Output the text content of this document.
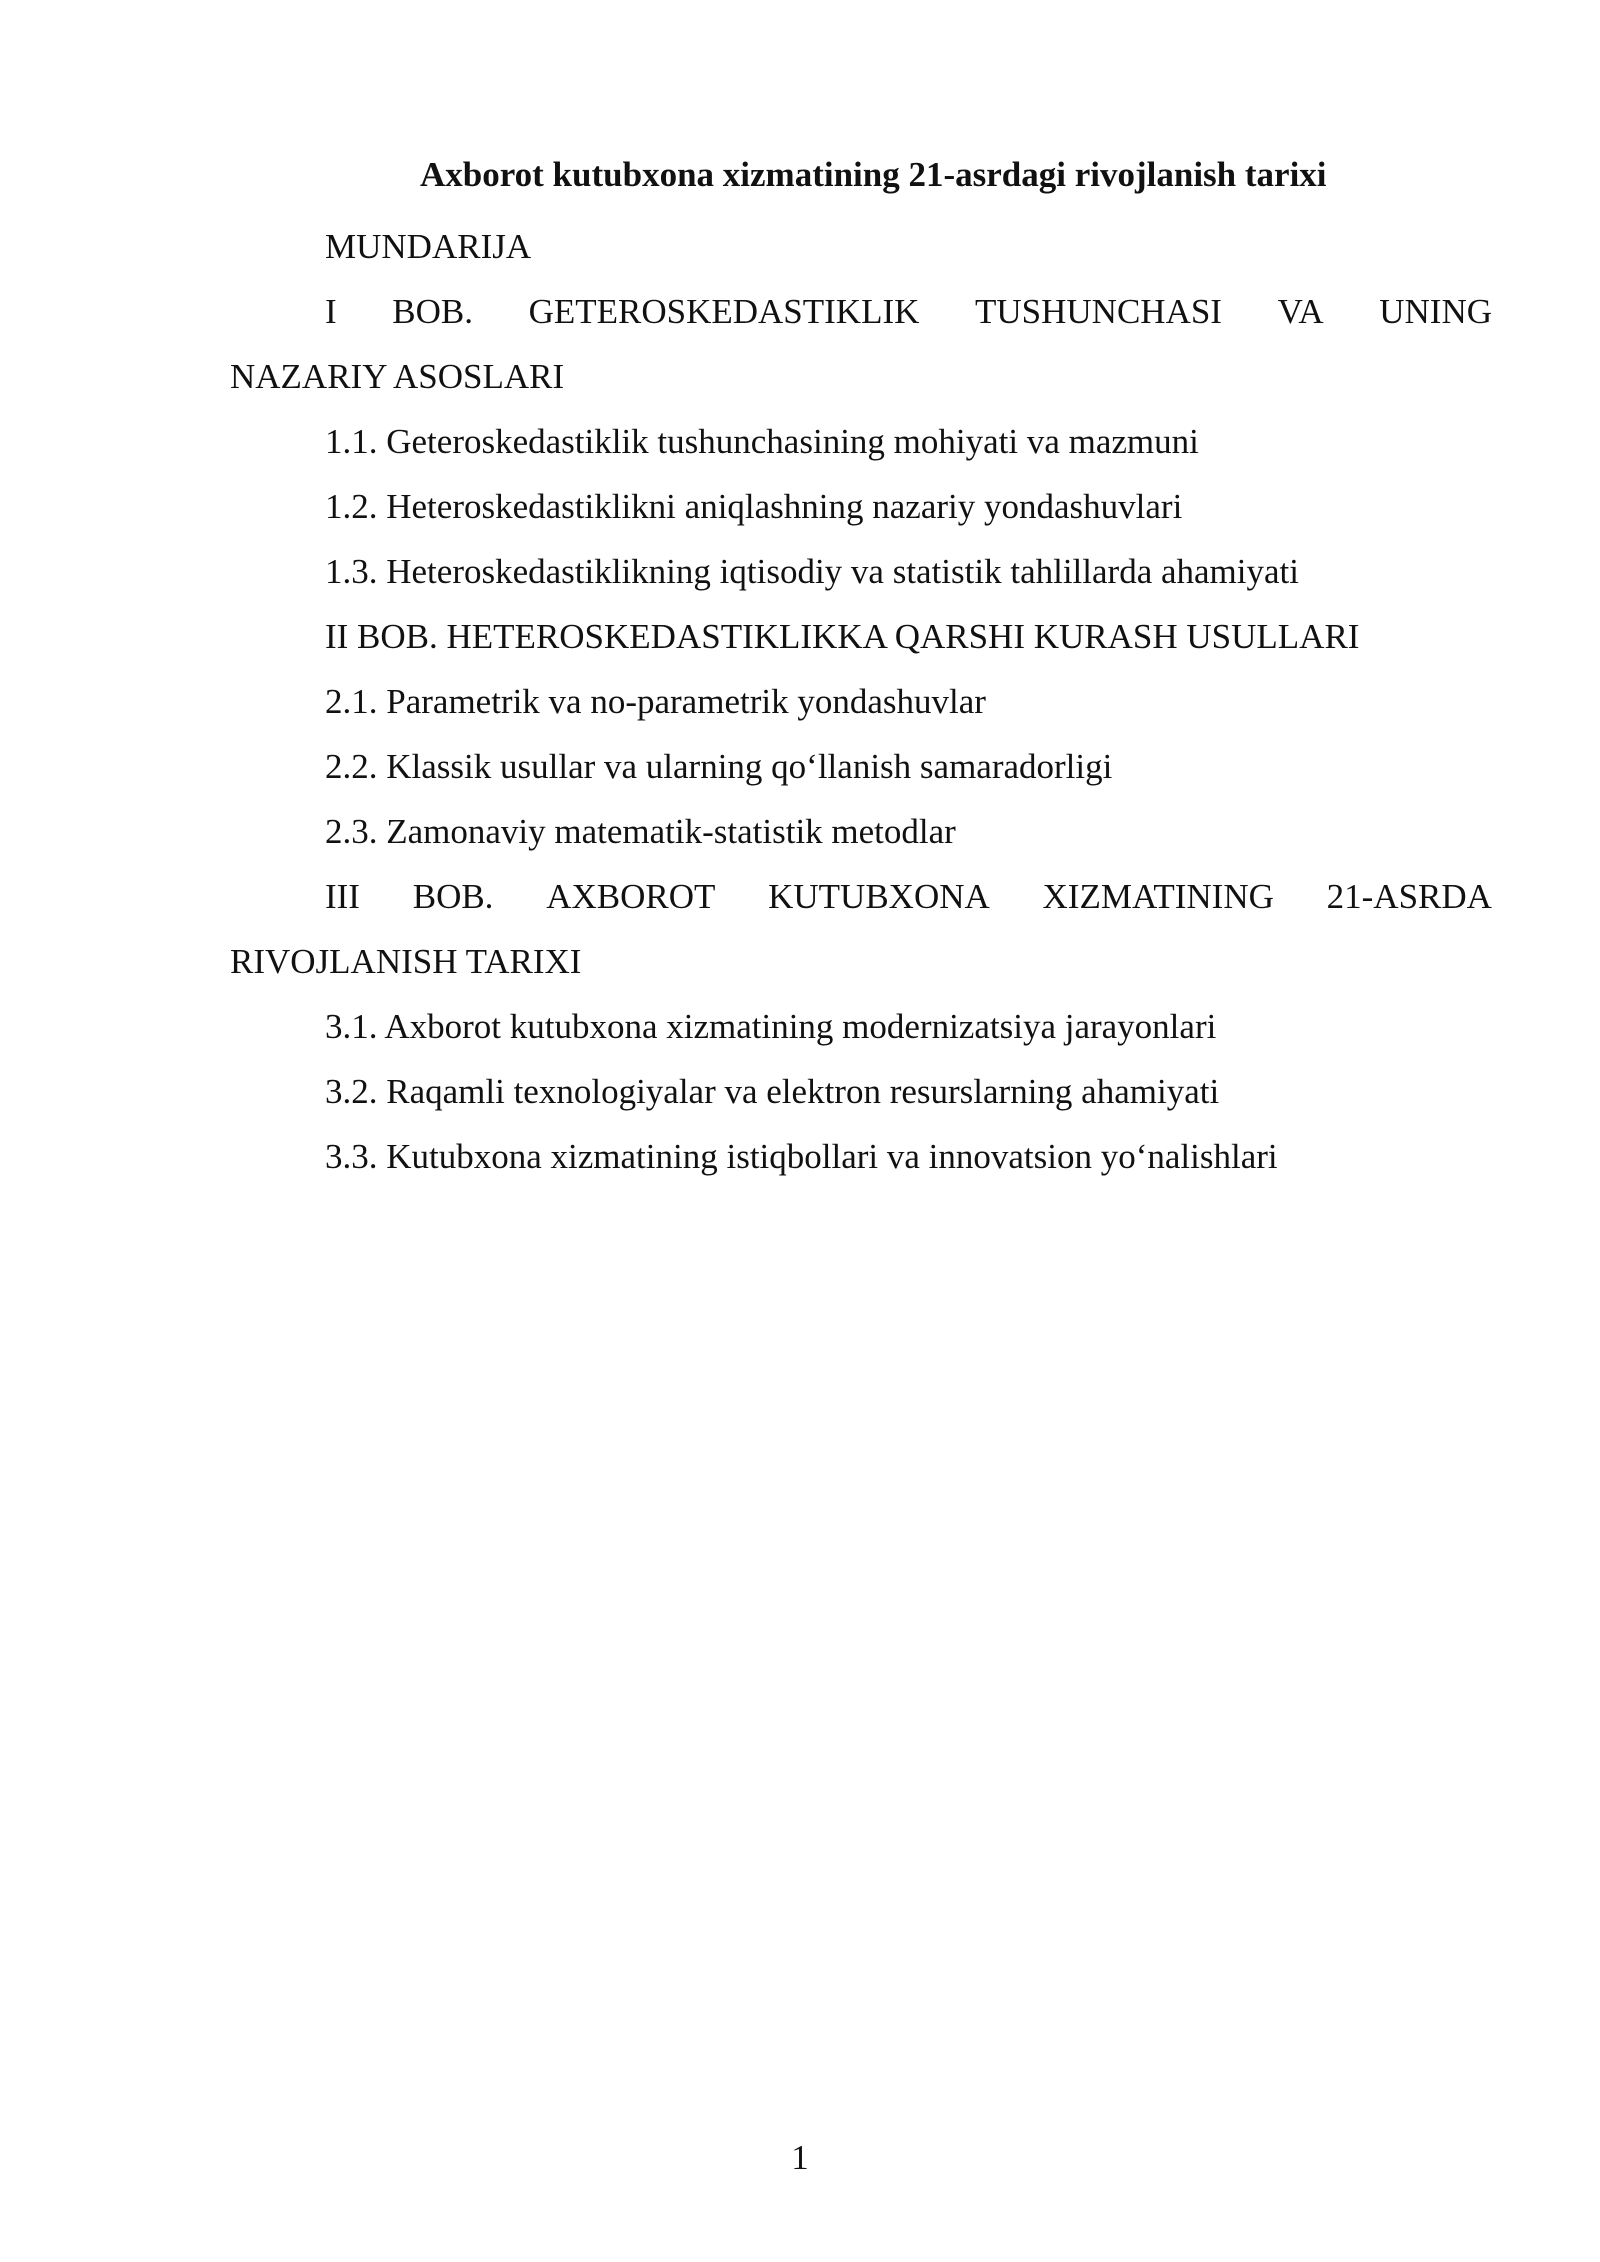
Axborot kutubxona xizmatining 21-asrdagi rivojlanish tarixi

MUNDARIJA

I BOB. GETEROSKEDASTIKLIK TUSHUNCHASI VA UNING

NAZARIY ASOSLARI

1.1. Geteroskedastiklik tushunchasining mohiyati va mazmuni

1.2. Heteroskedastiklikni aniqlashning nazariy yondashuvlari

1.3. Heteroskedastiklikning iqtisodiy va statistik tahlillarda ahamiyati

II BOB. HETEROSKEDASTIKLIKKA QARSHI KURASH USULLARI

2.1. Parametrik va no-parametrik yondashuvlar

2.2. Klassik usullar va ularning qo‘llanish samaradorligi

2.3. Zamonaviy matematik-statistik metodlar

III BOB. AXBOROT KUTUBXONA XIZMATINING 21-ASRDA

RIVOJLANISH TARIXI

3.1. Axborot kutubxona xizmatining modernizatsiya jarayonlari

3.2. Raqamli texnologiyalar va elektron resurslarning ahamiyati

3.3. Kutubxona xizmatining istiqbollari va innovatsion yo‘nalishlari

1
